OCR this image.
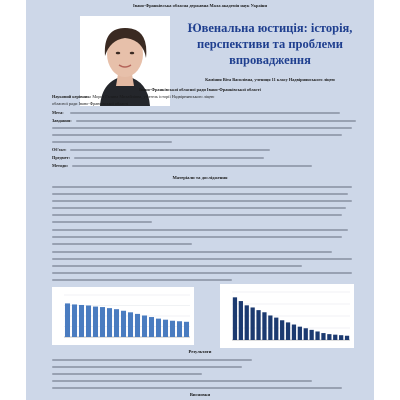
Івано-Франківська обласна державна Мала академія наук України
Ювенальна юстиція: історія,
перспективи та проблеми
впровадження
Каміния Віта Василівна, учениця 11 класу Надвірнянського ліцею
Івано-Франківської обласної ради Івано-Франківської області
Науковий керівник: Мороз Галина Михайлівна, учитель історії Надвірнянського ліцею
обласної ради Івано-Франківської області
Мета:
Завдання:
Об'єкт:
Предмет:
Методи:
Матеріали та дослідження
Результати
Висновки
